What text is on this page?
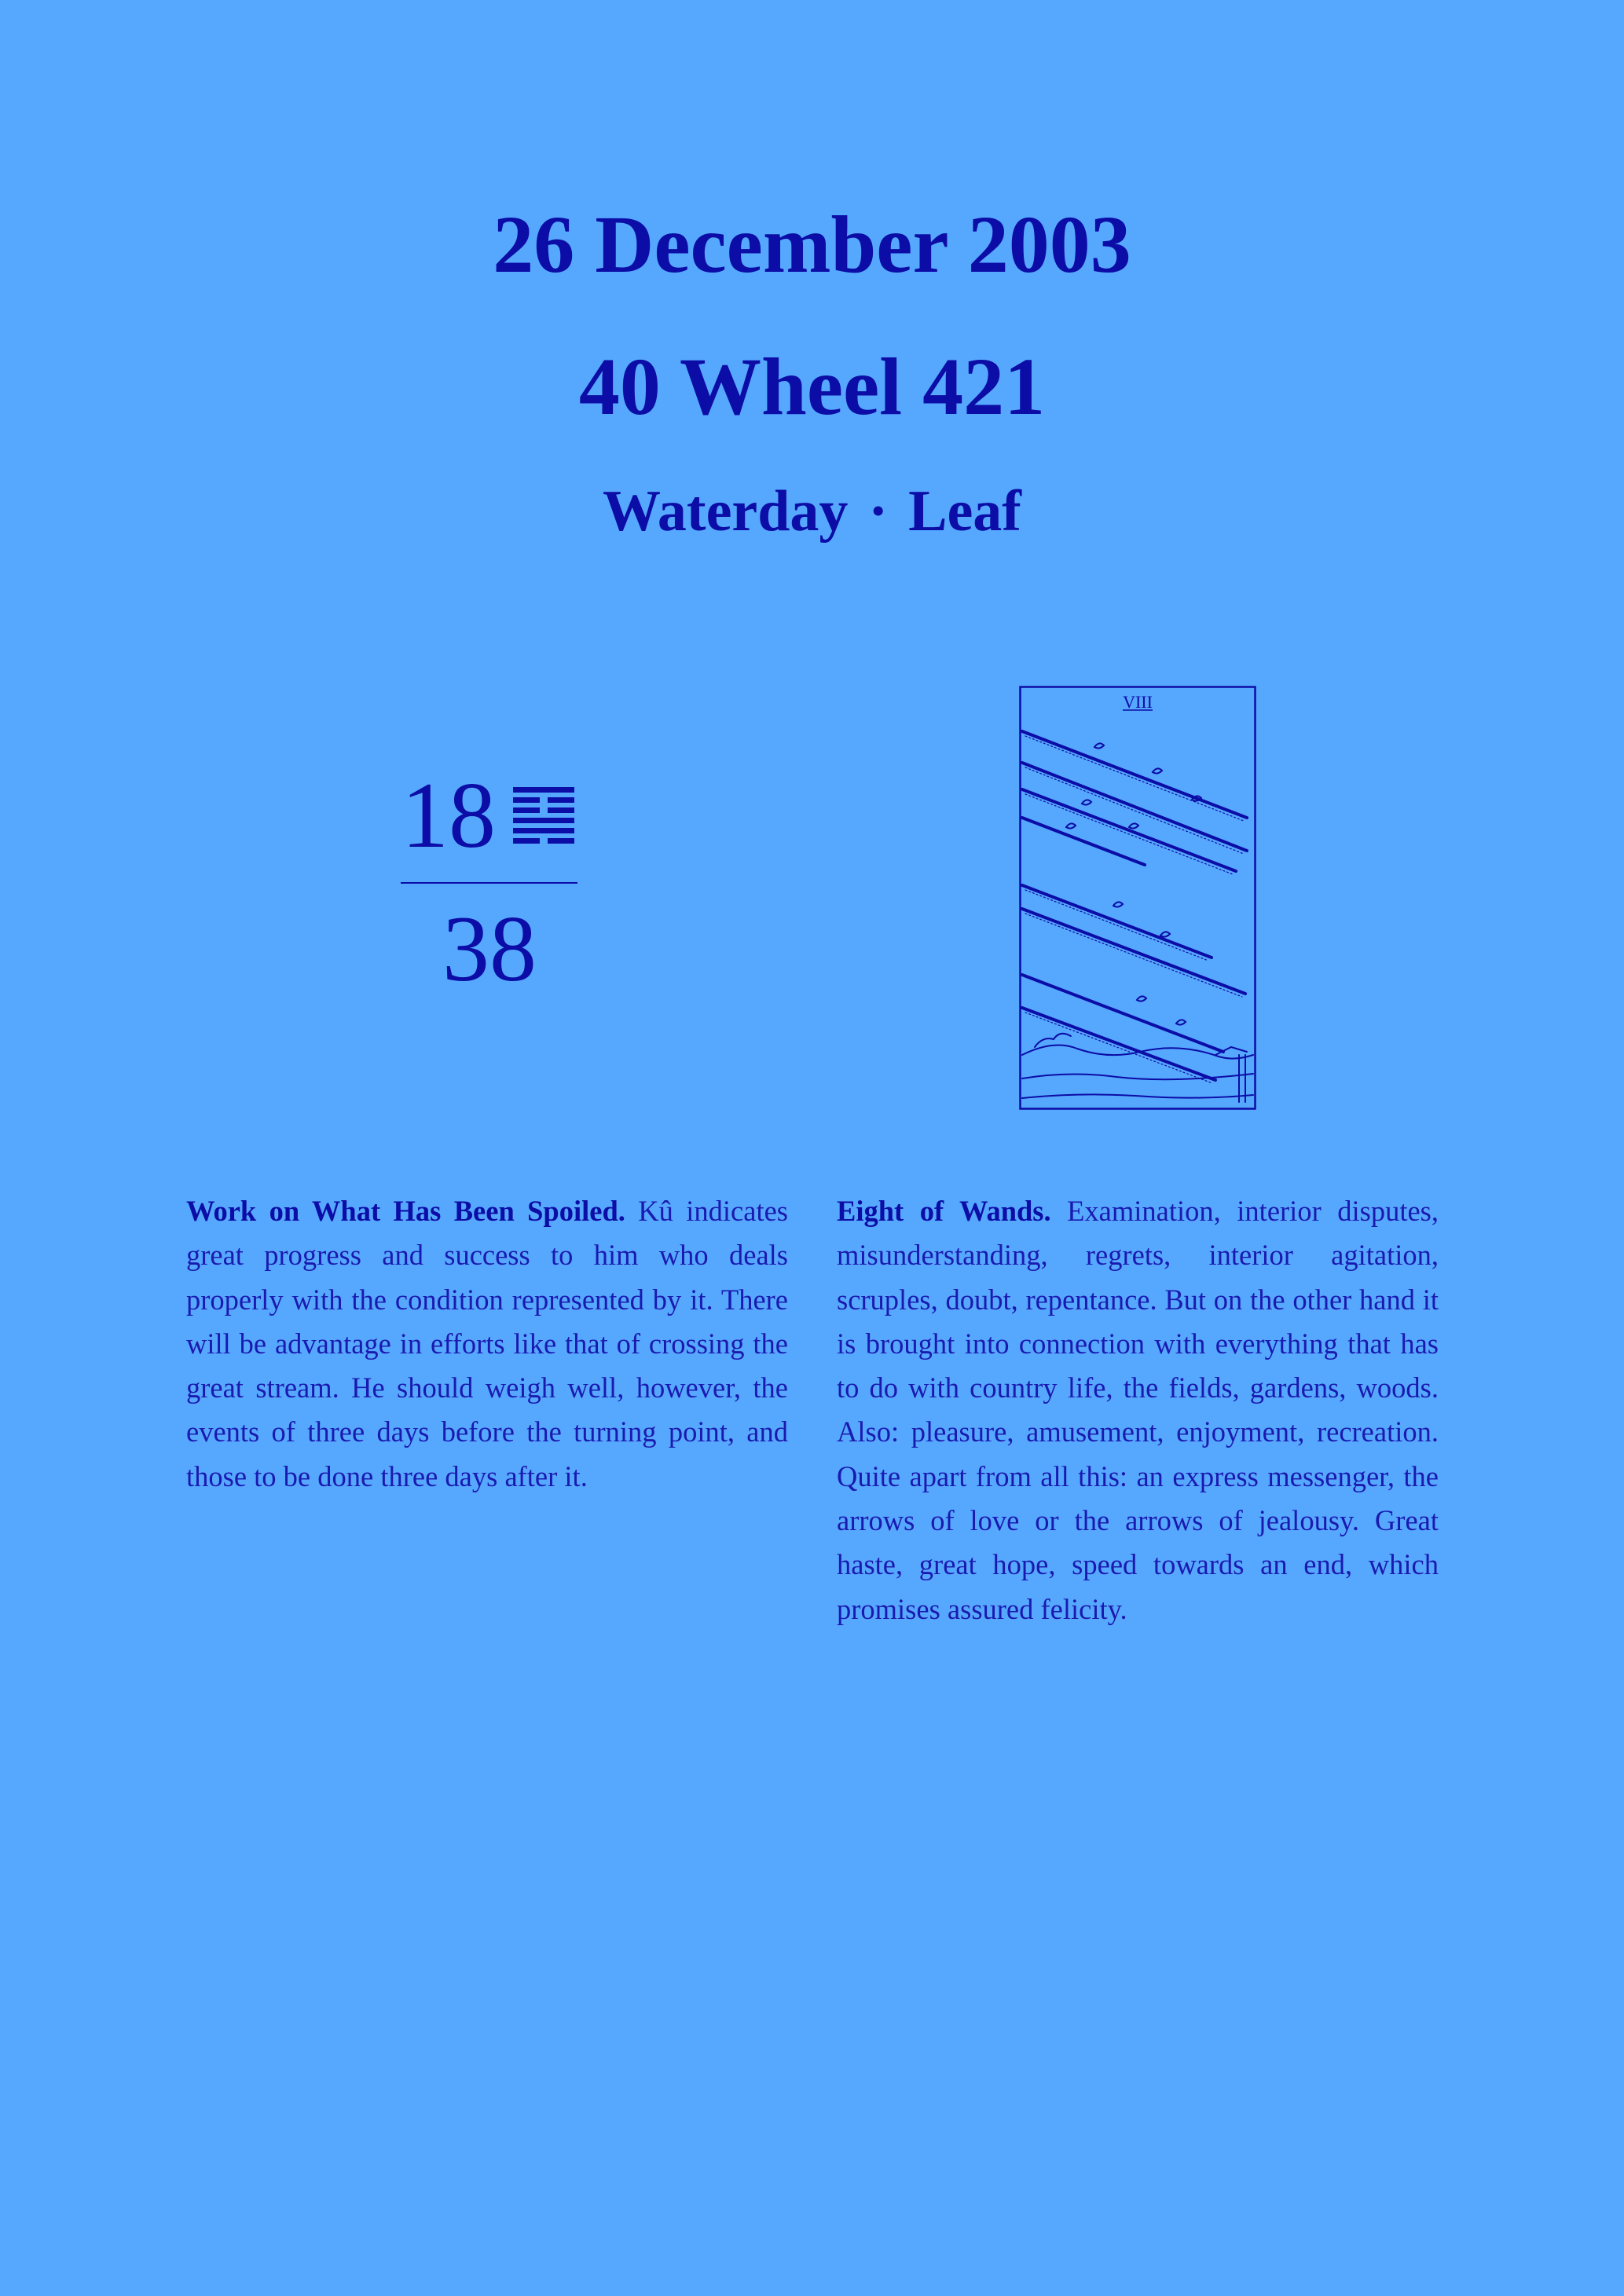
26 December 2003
40 Wheel 421
Waterday · Leaf
18
38
VIII
Work on What Has Been Spoiled. Kû indicates great progress and success to him who deals properly with the condition represented by it. There will be advantage in efforts like that of crossing the great stream. He should weigh well, however, the events of three days before the turning point, and those to be done three days after it.
Eight of Wands. Examination, interior disputes, misunderstanding, regrets, interior agitation, scruples, doubt, repentance. But on the other hand it is brought into connection with everything that has to do with country life, the fields, gardens, woods. Also: pleasure, amusement, enjoyment, recreation. Quite apart from all this: an express messenger, the arrows of love or the arrows of jealousy. Great haste, great hope, speed towards an end, which promises assured felicity.
